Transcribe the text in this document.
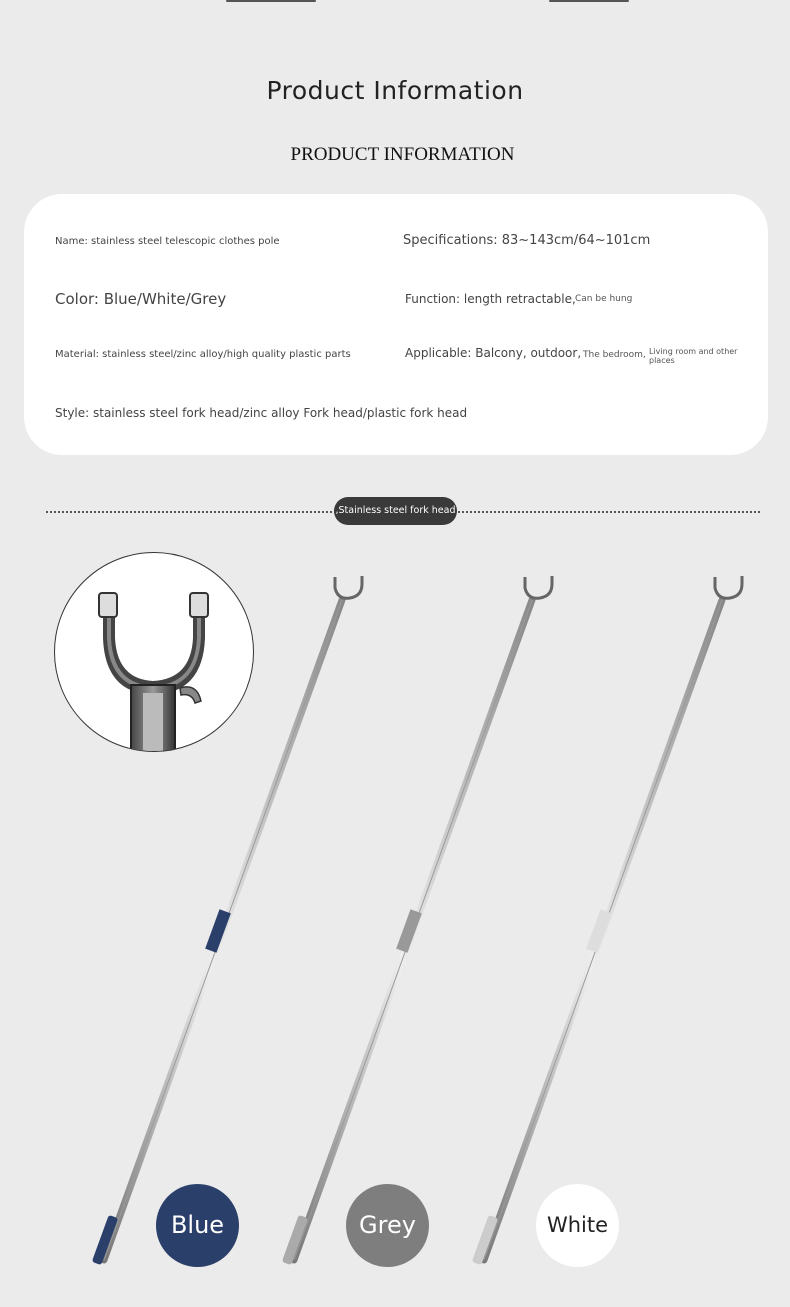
Product Information
PRODUCT INFORMATION
Name: stainless steel telescopic clothes pole	Specifications: 83~143cm/64~101cm
Color: Blue/White/Grey	Function: length retractable, Can be hung
Material: stainless steel/zinc alloy/high quality plastic parts	Applicable: Balcony, outdoor, The bedroom, Living room and other places
Style: stainless steel fork head/zinc alloy Fork head/plastic fork head
,Stainless steel fork head
Blue	Grey	White
